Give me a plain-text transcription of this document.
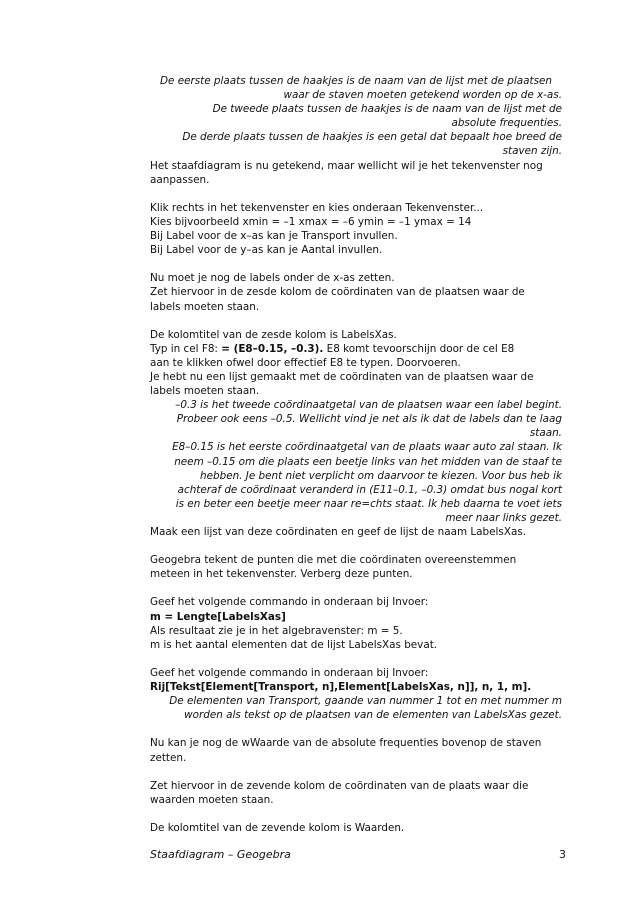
De eerste plaats tussen de haakjes is de naam van de lijst met de plaatsen
waar de staven moeten getekend worden op de x-as.
De tweede plaats tussen de haakjes is de naam van de lijst met de
absolute frequenties.
De derde plaats tussen de haakjes is een getal dat bepaalt hoe breed de
staven zijn.
Het staafdiagram is nu getekend, maar wellicht wil je het tekenvenster nog
aanpassen.
Klik rechts in het tekenvenster en kies onderaan Tekenvenster...
Kies bijvoorbeeld xmin = –1 xmax = –6 ymin = –1 ymax = 14
Bij Label voor de x–as kan je Transport invullen.
Bij Label voor de y–as kan je Aantal invullen.
Nu moet je nog de labels onder de x-as zetten.
Zet hiervoor in de zesde kolom de coördinaten van de plaatsen waar de
labels moeten staan.
De kolomtitel van de zesde kolom is LabelsXas.
Typ in cel F8: = (E8–0.15, –0.3). E8 komt tevoorschijn door de cel E8
aan te klikken ofwel door effectief E8 te typen. Doorvoeren.
Je hebt nu een lijst gemaakt met de coördinaten van de plaatsen waar de
labels moeten staan.
–0.3 is het tweede coördinaatgetal van de plaatsen waar een label begint.
Probeer ook eens –0.5. Wellicht vind je net als ik dat de labels dan te laag
staan.
E8–0.15 is het eerste coördinaatgetal van de plaats waar auto zal staan. Ik
neem –0.15 om die plaats een beetje links van het midden van de staaf te
hebben. Je bent niet verplicht om daarvoor te kiezen. Voor bus heb ik
achteraf de coördinaat veranderd in (E11–0.1, –0.3) omdat bus nogal kort
is en beter een beetje meer naar re=chts staat. Ik heb daarna te voet iets
meer naar links gezet.
Maak een lijst van deze coördinaten en geef de lijst de naam LabelsXas.
Geogebra tekent de punten die met die coördinaten overeenstemmen
meteen in het tekenvenster. Verberg deze punten.
Geef het volgende commando in onderaan bij Invoer:
m = Lengte[LabelsXas]
Als resultaat zie je in het algebravenster: m = 5.
m is het aantal elementen dat de lijst LabelsXas bevat.
Geef het volgende commando in onderaan bij Invoer:
Rij[Tekst[Element[Transport, n],Element[LabelsXas, n]], n, 1, m].
De elementen van Transport, gaande van nummer 1 tot en met nummer m
worden als tekst op de plaatsen van de elementen van LabelsXas gezet.
Nu kan je nog de wWaarde van de absolute frequenties bovenop de staven
zetten.
Zet hiervoor in de zevende kolom de coördinaten van de plaats waar die
waarden moeten staan.
De kolomtitel van de zevende kolom is Waarden.
Staafdiagram – Geogebra	3
